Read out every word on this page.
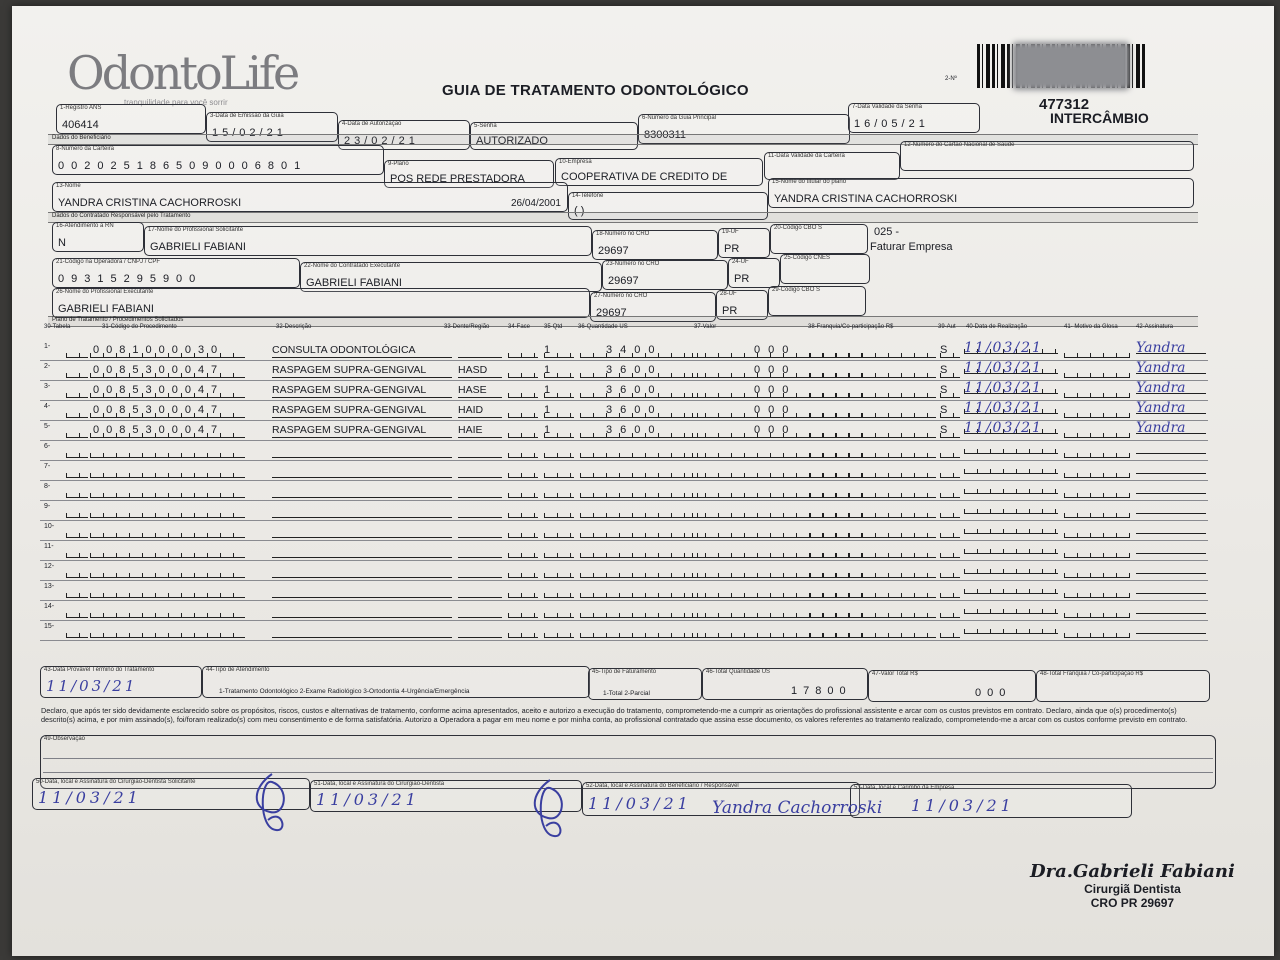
OdontoLife
tranquilidade para você sorrir
GUIA DE TRATAMENTO ODONTOLÓGICO
2-Nº
477312
INTERCÂMBIO
1-Registro ANS
406414
3-Data de Emissão da Guia
15/02/21
4-Data de Autorização
23/02/21
5-Senha
AUTORIZADO
6-Número da Guia Principal
8300311
7-Data Validade da Senha
16/05/21
Dados do Beneficiário
8-Número da Carteira
0020251865090006801	9-Plano
POS REDE PRESTADORA
10-Empresa
COOPERATIVA DE CREDITO DE
11-Data Validade da Carteira
12-Número do Cartão Nacional de Saúde
13-Nome
YANDRA CRISTINA CACHORROSKI	26/04/2001
14-Telefone
( )
15-Nome do titular do plano
YANDRA CRISTINA CACHORROSKI
Dados do Contratado Responsável pelo Tratamento
16-Atendimento a RN
N
17-Nome do Profissional Solicitante
GABRIELI FABIANI
18-Número no CRO
29697
19-UF
PR
20-Código CBO S	025 -
Faturar Empresa
21-Código na Operadora / CNPJ / CPF
09315295900
22-Nome do Contratado Executante
GABRIELI FABIANI
23-Número no CRO
29697
24-UF
PR
25-Código CNES
26-Nome do Profissional Executante
GABRIELI FABIANI
27-Número no CRO
29697
28-UF
PR
29-Código CBO S
Plano de Tratamento / Procedimentos Solicitados
30-Tabela	31-Código do Procedimento	32-Descrição	33-Dente/Região	34-Face 35-Qtd	36-Quantidade US	37-Valor	38-Franquia/Co-participação R$	39-Aut 40-Data de Realização	41- Motivo da Glosa	42-Assinatura
1-	0081000030	CONSULTA ODONTOLÓGICA	1	3400	000	S	11/03/21	Yandra
2-	0085300047	RASPAGEM SUPRA-GENGIVAL	HASD	1	3600	000	S	11/03/21	Yandra
3-	0085300047	RASPAGEM SUPRA-GENGIVAL	HASE	1	3600	000	S	11/03/21	Yandra
4-	0085300047	RASPAGEM SUPRA-GENGIVAL	HAID	1	3600	000	S	11/03/21	Yandra
5-	0085300047	RASPAGEM SUPRA-GENGIVAL	HAIE	1	3600	000	S	11/03/21	Yandra
6-
7-
8-
9-
10-
11-
12-
13-
14-
15-
43-Data Provável Término do Tratamento
11/03/21
44-Tipo de Atendimento
1-Tratamento Odontológico 2-Exame Radiológico 3-Ortodontia 4-Urgência/Emergência
45-Tipo de Faturamento
1-Total 2-Parcial
46-Total Quantidade US
17800
47-Valor Total R$
000
48-Total Franquia / Co-participação R$
Declaro, que após ter sido devidamente esclarecido sobre os propósitos, riscos, custos e alternativas de tratamento, conforme acima apresentados, aceito e autorizo a execução do tratamento, comprometendo-me a cumprir as orientações do profissional assistente e arcar com os custos previstos em contrato. Declaro, ainda que o(s) procedimento(s) descrito(s) acima, e por mim assinado(s), foi/foram realizado(s) com meu consentimento e de forma satisfatória. Autorizo a Operadora a pagar em meu nome e por minha conta, ao profissional contratado que assina esse documento, os valores referentes ao tratamento realizado, comprometendo-me a arcar com os custos conforme previsto em contrato.
49-Observação
50-Data, local e Assinatura do Cirurgião-Dentista Solicitante
11/03/21
51-Data, local e Assinatura do Cirurgião-Dentista
11/03/21
52-Data, local e Assinatura do Beneficiário / Responsável
11/03/21
53-Data, local e Carimbo da Empresa
11/03/21
Yandra Cachorroski
Dra.Gabrieli Fabiani
Cirurgiã Dentista
CRO PR 29697
